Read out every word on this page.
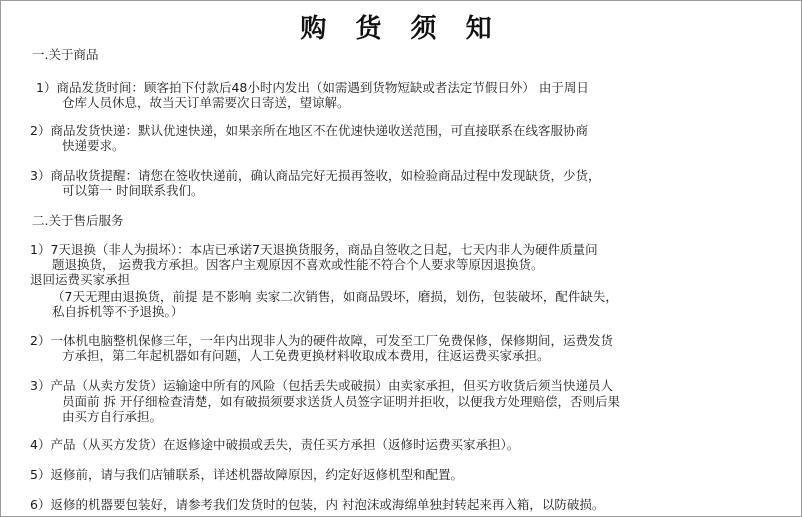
购 货 须 知
一.关于商品
1）商品发货时间：顾客拍下付款后48小时内发出（如需遇到货物短缺或者法定节假日外） 由于周日
仓库人员休息，故当天订单需要次日寄送，望谅解。
2）商品发货快递：默认优速快递，如果亲所在地区不在优速快递收送范围，可直接联系在线客服协商
快递要求。
3）商品收货提醒：请您在签收快递前，确认商品完好无损再签收，如检验商品过程中发现缺货，少货，
可以第一 时间联系我们。
二.关于售后服务
1）7天退换（非人为损坏）：本店已承诺7天退换货服务，商品自签收之日起，七天内非人为硬件质量问
题退换货， 运费我方承担。因客户主观原因不喜欢或性能不符合个人要求等原因退换货。
退回运费买家承担
（7天无理由退换货，前提 是不影响 卖家二次销售，如商品毁坏，磨损，划伤，包装破坏，配件缺失，
私自拆机等不予退换。）
2）一体机电脑整机保修三年，一年内出现非人为的硬件故障，可发至工厂免费保修，保修期间，运费发货
方承担，第二年起机器如有问题，人工免费更换材料收取成本费用，往返运费买家承担。
3）产品（从卖方发货）运输途中所有的风险（包括丢失或破损）由卖家承担，但买方收货后须当快递员人
员面前 拆 开仔细检查清楚，如有破损须要求送货人员签字证明并拒收，以便我方处理赔偿，否则后果
由买方自行承担。
4）产品（从买方发货）在返修途中破损或丢失，责任买方承担（返修时运费买家承担）。
5）返修前，请与我们店铺联系，详述机器故障原因，约定好返修机型和配置。
6）返修的机器要包装好，请参考我们发货时的包装，内 衬泡沫或海绵单独封转起来再入箱，以防破损。
